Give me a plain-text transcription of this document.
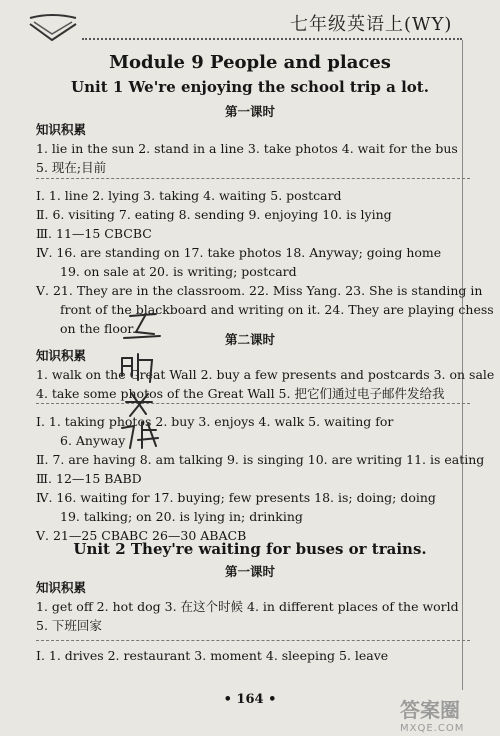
七年级英语上(WY)
Module 9 People and places
Unit 1 We're enjoying the school trip a lot.
第一课时
知识积累
1. lie in the sun 2. stand in a line 3. take photos 4. wait for the bus
5. 现在;目前
Ⅰ. 1. line 2. lying 3. taking 4. waiting 5. postcard
Ⅱ. 6. visiting 7. eating 8. sending 9. enjoying 10. is lying
Ⅲ. 11—15 CBCBC
Ⅳ. 16. are standing on 17. take photos 18. Anyway; going home
19. on sale at 20. is writing; postcard
Ⅴ. 21. They are in the classroom. 22. Miss Yang. 23. She is standing in
front of the blackboard and writing on it. 24. They are playing chess
on the floor.
第二课时
知识积累
1. walk on the Great Wall 2. buy a few presents and postcards 3. on sale
4. take some photos of the Great Wall 5. 把它们通过电子邮件发给我
Ⅰ. 1. taking photos 2. buy 3. enjoys 4. walk 5. waiting for
6. Anyway
Ⅱ. 7. are having 8. am talking 9. is singing 10. are writing 11. is eating
Ⅲ. 12—15 BABD
Ⅳ. 16. waiting for 17. buying; few presents 18. is; doing; doing
19. talking; on 20. is lying in; drinking
Ⅴ. 21—25 CBABC 26—30 ABACB
Unit 2 They're waiting for buses or trains.
第一课时
知识积累
1. get off 2. hot dog 3. 在这个时候 4. in different places of the world
5. 下班回家
Ⅰ. 1. drives 2. restaurant 3. moment 4. sleeping 5. leave
• 164 •	答案圈
MXQE.COM
